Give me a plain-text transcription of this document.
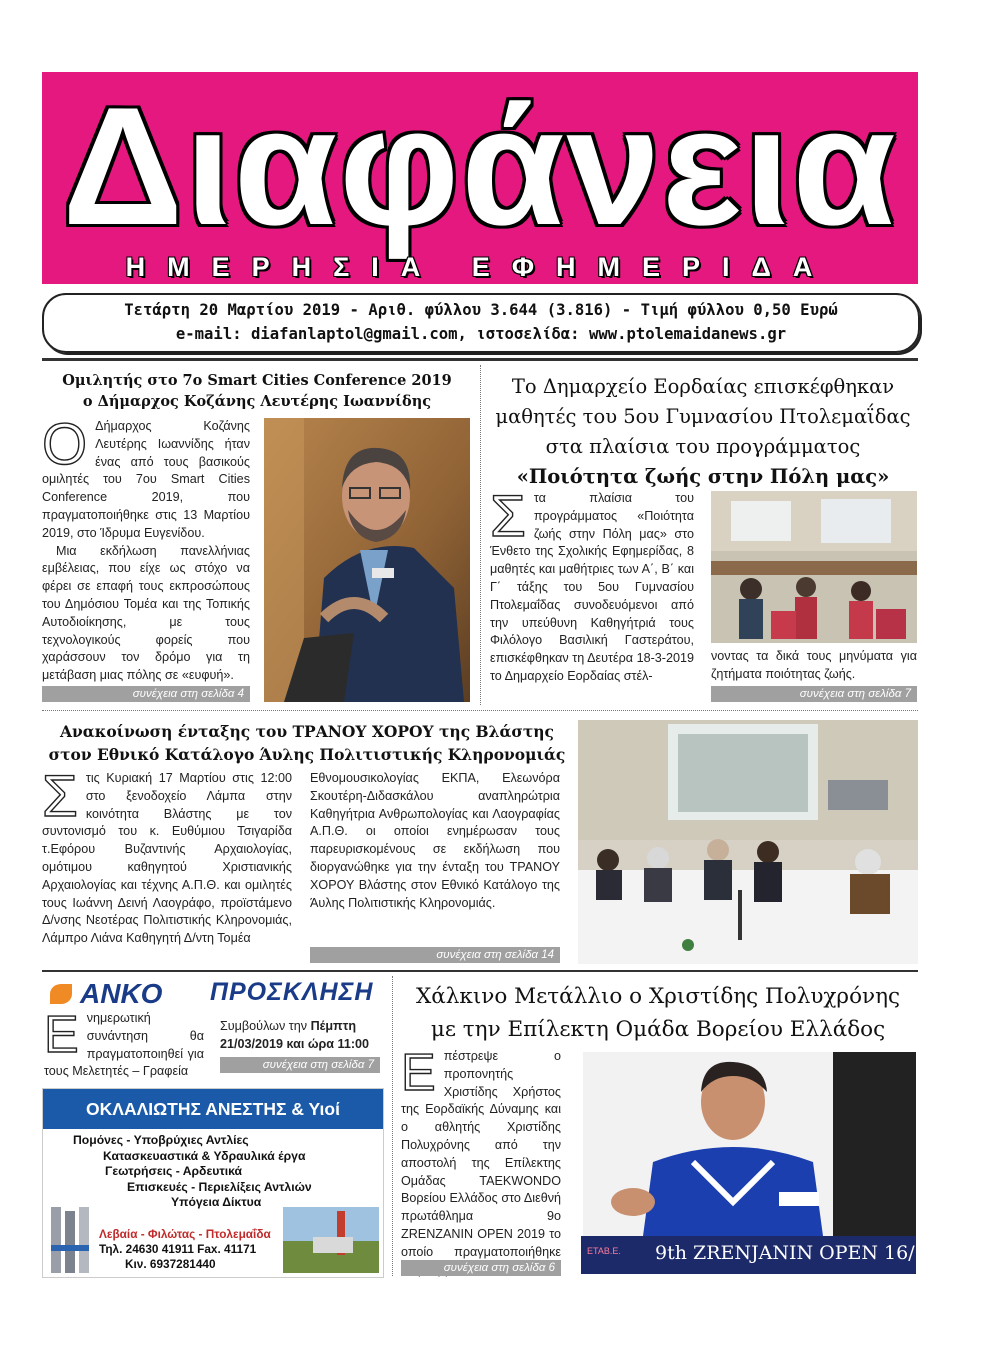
Διαφάνεια
ΗΜΕΡΗΣΙΑ ΕΦΗΜΕΡΙΔΑ
Τετάρτη 20 Μαρτίου 2019 - Αριθ. φύλλου 3.644 (3.816) - Τιμή φύλλου 0,50 Ευρώ
e-mail: diafanlaptol@gmail.com, ιστοσελίδα: www.ptolemaidanews.gr
Ομιλητής στο 7ο Smart Cities Conference 2019
ο Δήμαρχος Κοζάνης Λευτέρης Ιωαννίδης
Ο Δήμαρχος Κοζάνης Λευτέρης Ιωαννίδης ήταν ένας από τους βασικούς ομιλητές του 7ου Smart Cities Conference 2019, που πραγματοποιήθηκε στις 13 Μαρτίου 2019, στο Ίδρυμα Ευγενίδου.
Μια εκδήλωση πανελλήνιας εμβέλειας, που είχε ως στόχο να φέρει σε επαφή τους εκπροσώπους του Δημόσιου Τομέα και της Τοπικής Αυτοδιοίκησης, με τους τεχνολογικούς φορείς που χαράσσουν τον δρόμο για τη μετάβαση μιας πόλης σε «ευφυή».
συνέχεια στη σελίδα 4
Το Δημαρχείο Εορδαίας επισκέφθηκαν
μαθητές του 5ου Γυμνασίου Πτολεμαΐδας
στα πλαίσια του προγράμματος
«Ποιότητα ζωής στην Πόλη μας»
Σ τα πλαίσια του προγράμματος «Ποιότητα ζωής στην Πόλη μας» στο Ένθετο της Σχολικής Εφημερίδας, 8 μαθητές και μαθήτριες των Α΄, Β΄ και Γ΄ τάξης του 5ου Γυμνασίου Πτολεμαΐδας συνοδευόμενοι από την υπεύθυνη Καθηγήτριά τους Φιλόλογο Βασιλική Γαστεράτου, επισκέφθηκαν τη Δευτέρα 18-3-2019 το Δημαρχείο Εορδαίας στέλ-
νοντας τα δικά τους μηνύματα για ζητήματα ποιότητας ζωής.
συνέχεια στη σελίδα 7
Ανακοίνωση ένταξης του ΤΡΑΝΟΥ ΧΟΡΟΥ της Βλάστης
στον Εθνικό Κατάλογο Άυλης Πολιτιστικής Κληρονομιάς
Σ τις Κυριακή 17 Μαρτίου στις 12:00 στο ξενοδοχείο Λάμπα στην κοινότητα Βλάστης με τον συντονισμό του κ. Ευθύμιου Τσιγαρίδα τ.Εφόρου Βυζαντινής Αρχαιολογίας, ομότιμου καθηγητού Χριστιανικής Αρχαιολογίας και τέχνης Α.Π.Θ. και ομιλητές τους Ιωάννη Δεινή Λαογράφο, προϊστάμενο Δ/νσης Νεοτέρας Πολιτιστικής Κληρονομιάς, Λάμπρο Λιάνα Καθηγητή Δ/ντη Τομέα
Εθνομουσικολογίας ΕΚΠΑ, Ελεωνόρα Σκουτέρη-Διδασκάλου αναπληρώτρια Καθηγήτρια Ανθρωπολογίας και Λαογραφίας Α.Π.Θ. οι οποίοι ενημέρωσαν τους παρευρισκομένους σε εκδήλωση που διοργανώθηκε για την ένταξη του ΤΡΑΝΟΥ ΧΟΡΟΥ Βλάστης στον Εθνικό Κατάλογο της Άυλης Πολιτιστικής Κληρονομιάς.
συνέχεια στη σελίδα 14
ANKO ΠΡΟΣΚΛΗΣΗ
Ε νημερωτική συνάντηση θα πραγματοποιηθεί για τους Μελετητές – Γραφεία
Συμβούλων την Πέμπτη
21/03/2019 και ώρα 11:00
συνέχεια στη σελίδα 7
ΟΚΛΑΛΙΩΤΗΣ ΑΝΕΣΤΗΣ & Υιοί
Πομόνες - Υποβρύχιες Αντλίες
Κατασκευαστικά & Υδραυλικά έργα
Γεωτρήσεις - Αρδευτικά
Επισκευές - Περιελίξεις Αντλιών
Υπόγεια Δίκτυα
Λεβαία - Φιλώτας - Πτολεμαΐδα
Τηλ. 24630 41911 Fax. 41171
Κιν. 6937281440
Χάλκινο Μετάλλιο ο Χριστίδης Πολυχρόνης
με την Επίλεκτη Ομάδα Βορείου Ελλάδος
Ε πέστρεψε ο προπονητής Χριστίδης Χρήστος της Εορδαϊκής Δύναμης και ο αθλητής Χριστίδης Πολυχρόνης από την αποστολή της Επίλεκτης Ομάδας ΤΑΕΚWONDO Βορείου Ελλάδος στο Διεθνή πρωτάθλημα 9ο ZRENZANIN OPEN 2019 το οποίο πραγματοποιήθηκε
συνέχεια στη σελίδα 6
ΕΤΑΒ.Ε. 9th ZRENJANIN OPEN 16/3/2019
